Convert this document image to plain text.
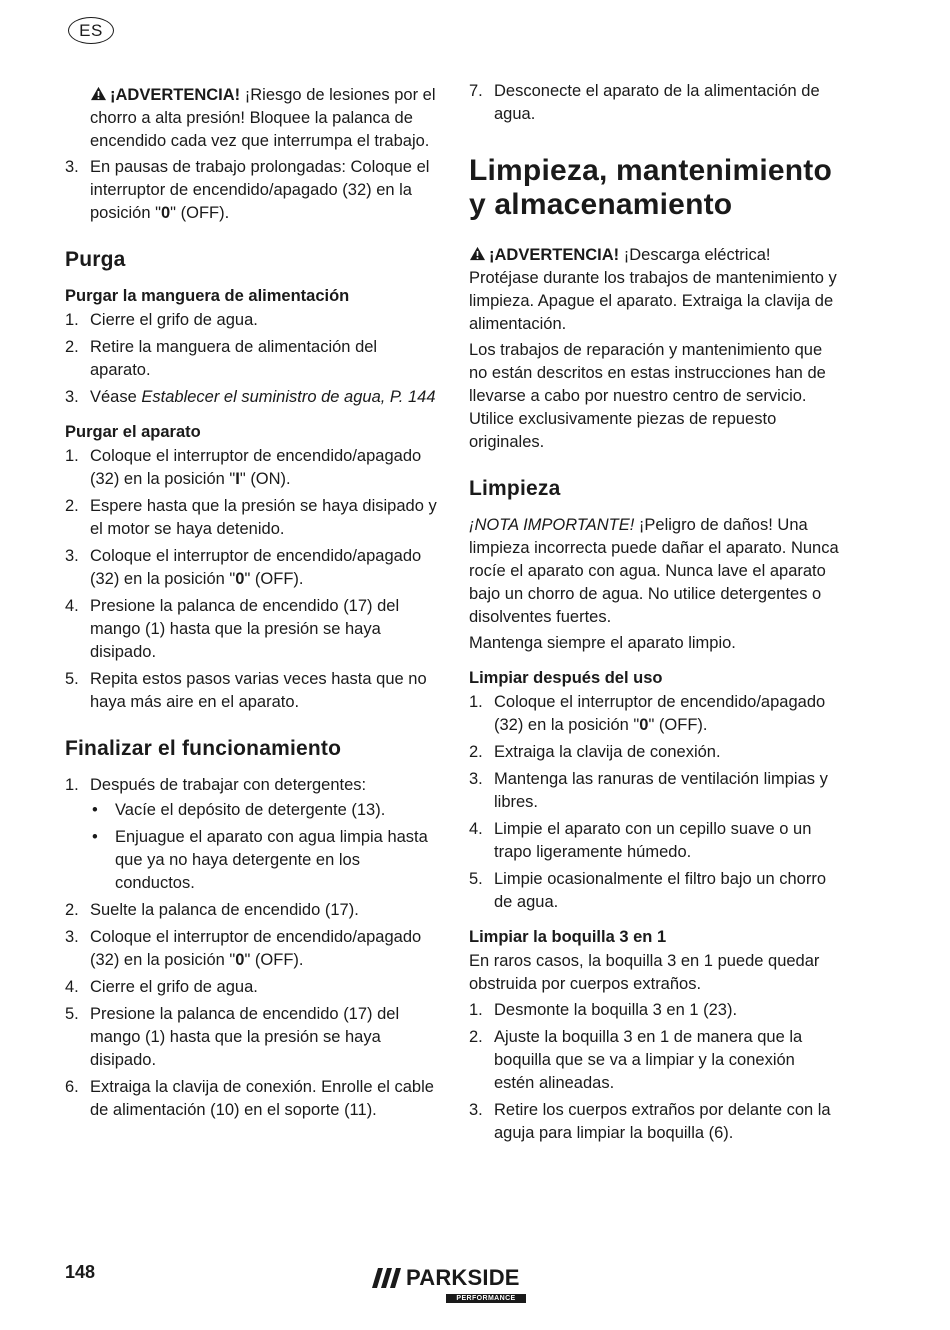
ES

¡ADVERTENCIA! ¡Riesgo de lesiones por el chorro a alta presión! Bloquee la palanca de encendido cada vez que interrumpa el trabajo.

3. En pausas de trabajo prolongadas: Coloque el interruptor de encendido/apagado (32) en la posición "0" (OFF).
Purga
Purgar la manguera de alimentación
1. Cierre el grifo de agua.
2. Retire la manguera de alimentación del aparato.
3. Véase Establecer el suministro de agua, P. 144
Purgar el aparato
1. Coloque el interruptor de encendido/apagado (32) en la posición "I" (ON).
2. Espere hasta que la presión se haya disipado y el motor se haya detenido.
3. Coloque el interruptor de encendido/apagado (32) en la posición "0" (OFF).
4. Presione la palanca de encendido (17) del mango (1) hasta que la presión se haya disipado.
5. Repita estos pasos varias veces hasta que no haya más aire en el aparato.
Finalizar el funcionamiento
1. Después de trabajar con detergentes:
• Vacíe el depósito de detergente (13).
• Enjuague el aparato con agua limpia hasta que ya no haya detergente en los conductos.
2. Suelte la palanca de encendido (17).
3. Coloque el interruptor de encendido/apagado (32) en la posición "0" (OFF).
4. Cierre el grifo de agua.
5. Presione la palanca de encendido (17) del mango (1) hasta que la presión se haya disipado.
6. Extraiga la clavija de conexión. Enrolle el cable de alimentación (10) en el soporte (11).
7. Desconecte el aparato de la alimentación de agua.
Limpieza, mantenimiento y almacenamiento

¡ADVERTENCIA! ¡Descarga eléctrica! Protéjase durante los trabajos de mantenimiento y limpieza. Apague el aparato. Extraiga la clavija de alimentación.

Los trabajos de reparación y mantenimiento que no están descritos en estas instrucciones han de llevarse a cabo por nuestro centro de servicio. Utilice exclusivamente piezas de repuesto originales.

Limpieza

¡NOTA IMPORTANTE! ¡Peligro de daños! Una limpieza incorrecta puede dañar el aparato. Nunca rocíe el aparato con agua. Nunca lave el aparato bajo un chorro de agua. No utilice detergentes o disolventes fuertes.

Mantenga siempre el aparato limpio.

Limpiar después del uso
1. Coloque el interruptor de encendido/apagado (32) en la posición "0" (OFF).
2. Extraiga la clavija de conexión.
3. Mantenga las ranuras de ventilación limpias y libres.
4. Limpie el aparato con un cepillo suave o un trapo ligeramente húmedo.
5. Limpie ocasionalmente el filtro bajo un chorro de agua.
Limpiar la boquilla 3 en 1

En raros casos, la boquilla 3 en 1 puede quedar obstruida por cuerpos extraños.

1. Desmonte la boquilla 3 en 1 (23).
2. Ajuste la boquilla 3 en 1 de manera que la boquilla que se va a limpiar y la conexión estén alineadas.
3. Retire los cuerpos extraños por delante con la aguja para limpiar la boquilla (6).
148	PARKSIDE
PERFORMANCE
